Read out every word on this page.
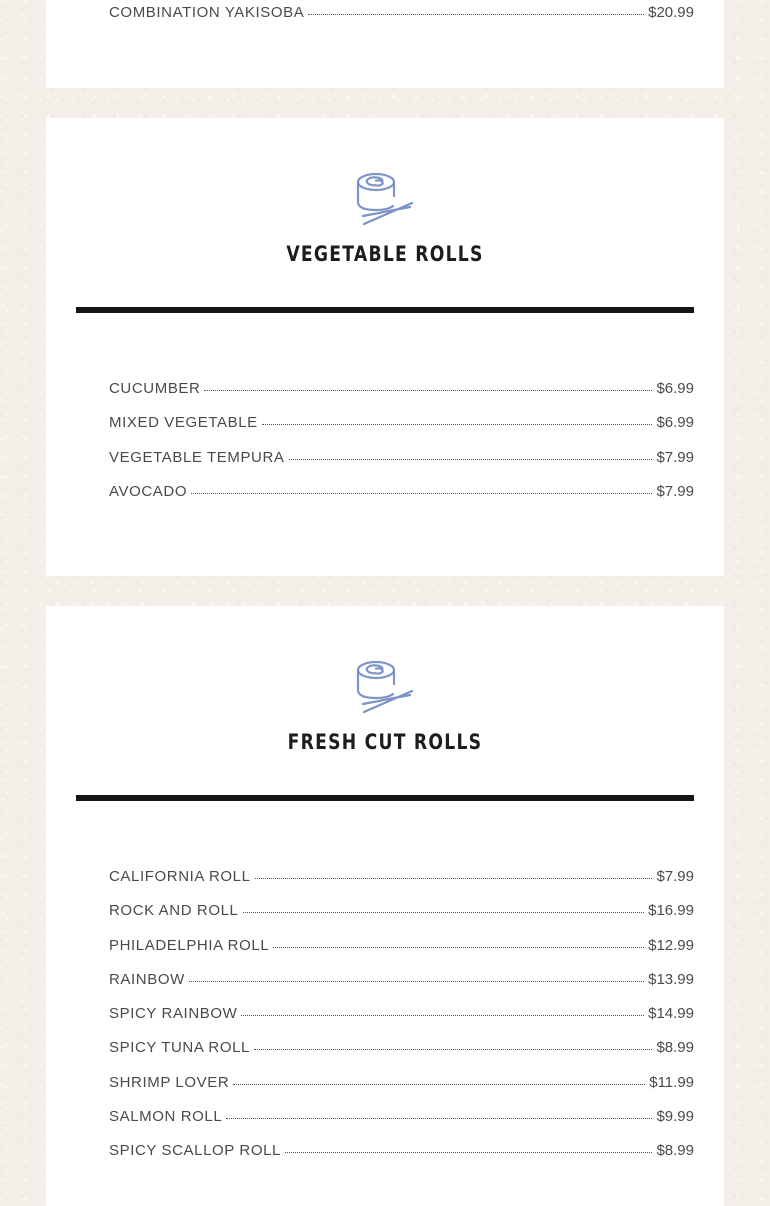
COMBINATION YAKISOBA	$20.99
VEGETABLE ROLLS
CUCUMBER	$6.99
MIXED VEGETABLE	$6.99
VEGETABLE TEMPURA	$7.99
AVOCADO	$7.99
FRESH CUT ROLLS
CALIFORNIA ROLL	$7.99
ROCK AND ROLL	$16.99
PHILADELPHIA ROLL	$12.99
RAINBOW	$13.99
SPICY RAINBOW	$14.99
SPICY TUNA ROLL	$8.99
SHRIMP LOVER	$11.99
SALMON ROLL	$9.99
SPICY SCALLOP ROLL	$8.99
